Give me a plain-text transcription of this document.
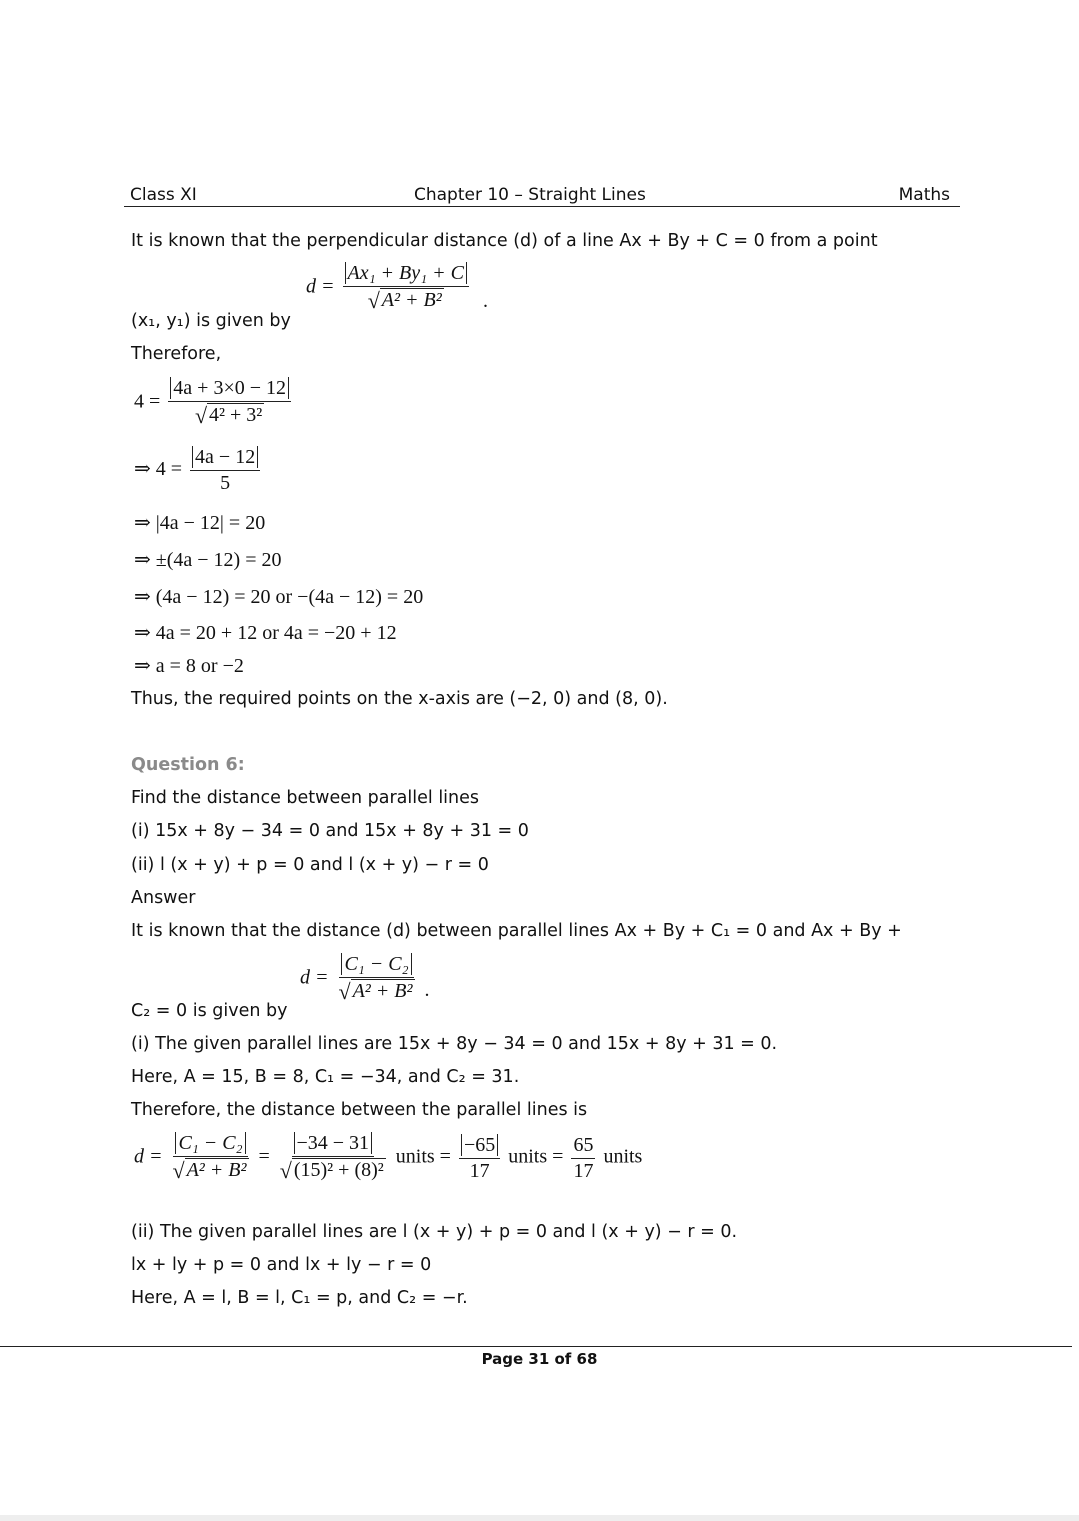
Class XI	Chapter 10 – Straight Lines	Maths
It is known that the perpendicular distance (d) of a line Ax + By + C = 0 from a point
$d = \frac{\text{Ax₁ + By₁ + C}}{\text{√ A² + B²}}$ .
(x₁, y₁) is given by
Therefore,
$4 = \frac{4a + 3\times 0 - 12}{\text{√ 4² + 3²}}$
⇒ $4 = \frac{4a - 12}{5}$
⇒ |4a − 12| = 20
⇒ ±(4a − 12) = 20
⇒ (4a − 12) = 20 or −(4a − 12) = 20
⇒ 4a = 20 + 12 or 4a = −20 + 12
⇒ a = 8 or −2
Thus, the required points on the x-axis are (−2, 0) and (8, 0).
Question 6:
Find the distance between parallel lines
(i) 15x + 8y − 34 = 0 and 15x + 8y + 31 = 0
(ii) l (x + y) + p = 0 and l (x + y) − r = 0
Answer
It is known that the distance (d) between parallel lines Ax + By + C₁ = 0 and Ax + By +
$d = \frac{\text{C₁ − C₂}}{\text{√ A² + B²}}$ .
C₂ = 0 is given by
(i) The given parallel lines are 15x + 8y − 34 = 0 and 15x + 8y + 31 = 0.
Here, A = 15, B = 8, C₁ = −34, and C₂ = 31.
Therefore, the distance between the parallel lines is
$d = \frac{\text{C₁ − C₂}}{\text{√ A² + B²}} = \frac{-34 - 31}{\text{√ (15)² + (8)²}}$ units = $\frac{-65}{17}$ units = $\frac{65}{17}$ units
(ii) The given parallel lines are l (x + y) + p = 0 and l (x + y) − r = 0.
lx + ly + p = 0 and lx + ly − r = 0
Here, A = l, B = l, C₁ = p, and C₂ = −r.
Page 31 of 68
